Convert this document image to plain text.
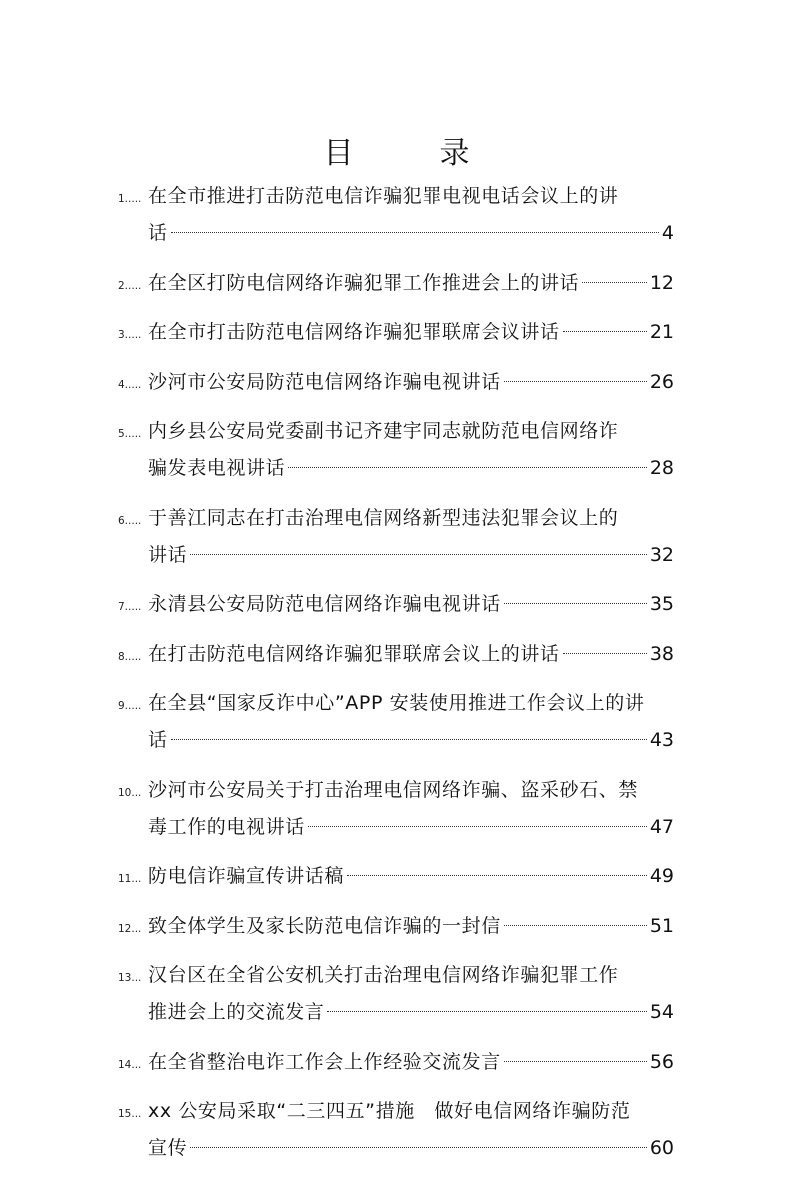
目　录
1..... 在全市推进打击防范电信诈骗犯罪电视电话会议上的讲
话	4
2..... 在全区打防电信网络诈骗犯罪工作推进会上的讲话	12
3..... 在全市打击防范电信网络诈骗犯罪联席会议讲话	21
4..... 沙河市公安局防范电信网络诈骗电视讲话	26
5..... 内乡县公安局党委副书记齐建宇同志就防范电信网络诈
骗发表电视讲话	28
6..... 于善江同志在打击治理电信网络新型违法犯罪会议上的
讲话	32
7..... 永清县公安局防范电信网络诈骗电视讲话	35
8..... 在打击防范电信网络诈骗犯罪联席会议上的讲话	38
9..... 在全县“国家反诈中心”APP 安装使用推进工作会议上的讲
话	43
10... 沙河市公安局关于打击治理电信网络诈骗、盗采砂石、禁
毒工作的电视讲话	47
11... 防电信诈骗宣传讲话稿	49
12... 致全体学生及家长防范电信诈骗的一封信	51
13... 汉台区在全省公安机关打击治理电信网络诈骗犯罪工作
推进会上的交流发言	54
14... 在全省整治电诈工作会上作经验交流发言	56
15... xx 公安局采取“二三四五”措施　做好电信网络诈骗防范
宣传	60
